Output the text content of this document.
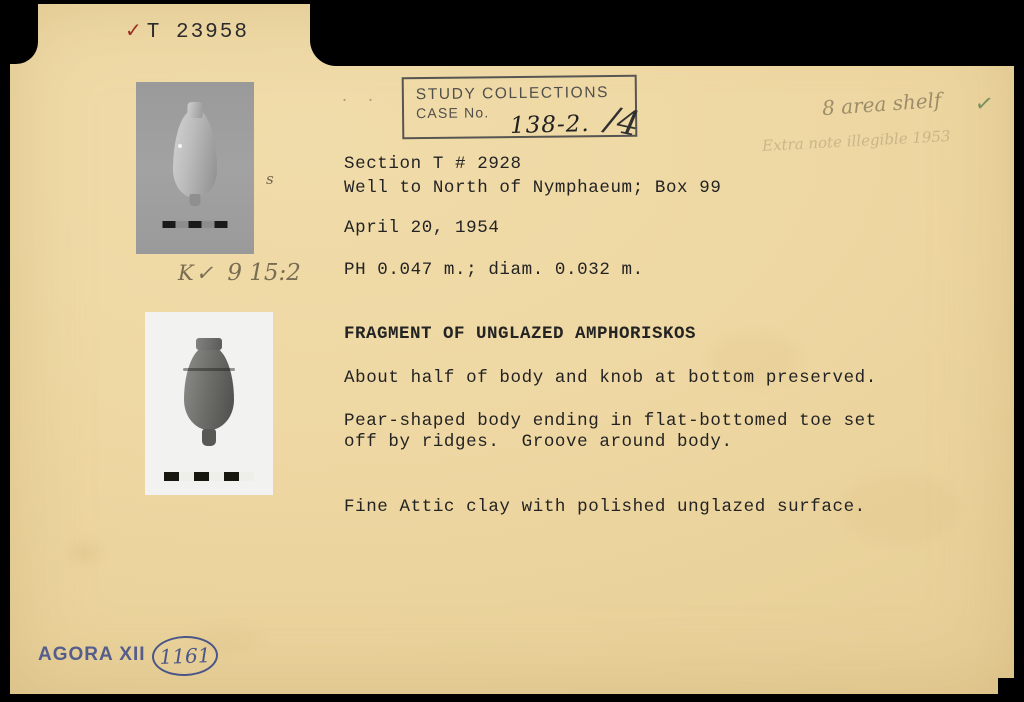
✓ T 23958
STUDY COLLECTIONS
CASE No. 138-2. /4
· ·	8 area shelf ✓
Extra note illegible 1953
s
K✓ 9 15:2
Section T # 2928
Well to North of Nymphaeum; Box 99
April 20, 1954
PH 0.047 m.; diam. 0.032 m.
FRAGMENT OF UNGLAZED AMPHORISKOS
About half of body and knob at bottom preserved.
Pear-shaped body ending in flat-bottomed toe set
off by ridges.  Groove around body.
Fine Attic clay with polished unglazed surface.
AGORA XII 1161
